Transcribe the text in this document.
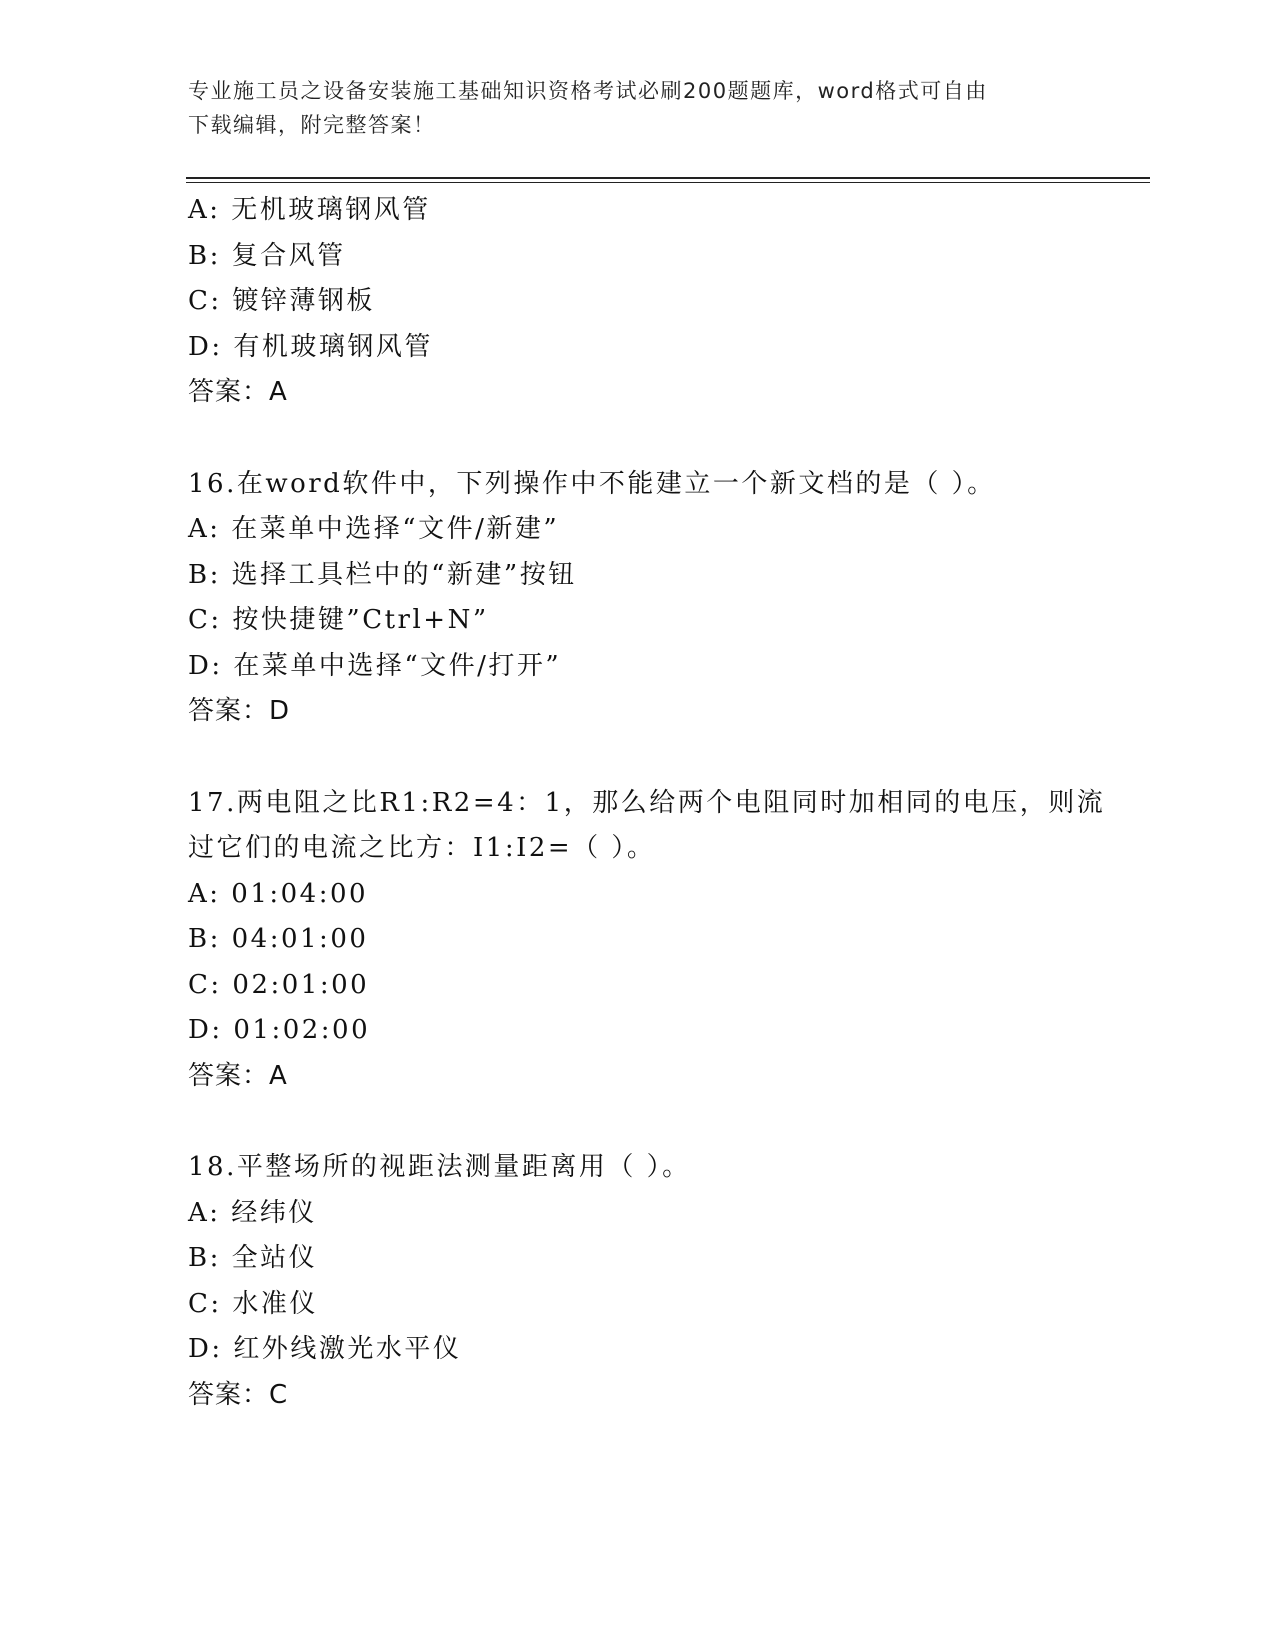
专业施工员之设备安装施工基础知识资格考试必刷200题题库，word格式可自由
下载编辑，附完整答案！
A: 无机玻璃钢风管
B: 复合风管
C: 镀锌薄钢板
D: 有机玻璃钢风管
答案：A
16.在word软件中，下列操作中不能建立一个新文档的是（ ）。
A: 在菜单中选择“文件/新建”
B: 选择工具栏中的“新建”按钮
C: 按快捷键”Ctrl+N”
D: 在菜单中选择“文件/打开”
答案：D
17.两电阻之比R1:R2=4：1，那么给两个电阻同时加相同的电压，则流
过它们的电流之比方：I1:I2=（ ）。
A: 01:04:00
B: 04:01:00
C: 02:01:00
D: 01:02:00
答案：A
18.平整场所的视距法测量距离用（ ）。
A: 经纬仪
B: 全站仪
C: 水准仪
D: 红外线激光水平仪
答案：C
